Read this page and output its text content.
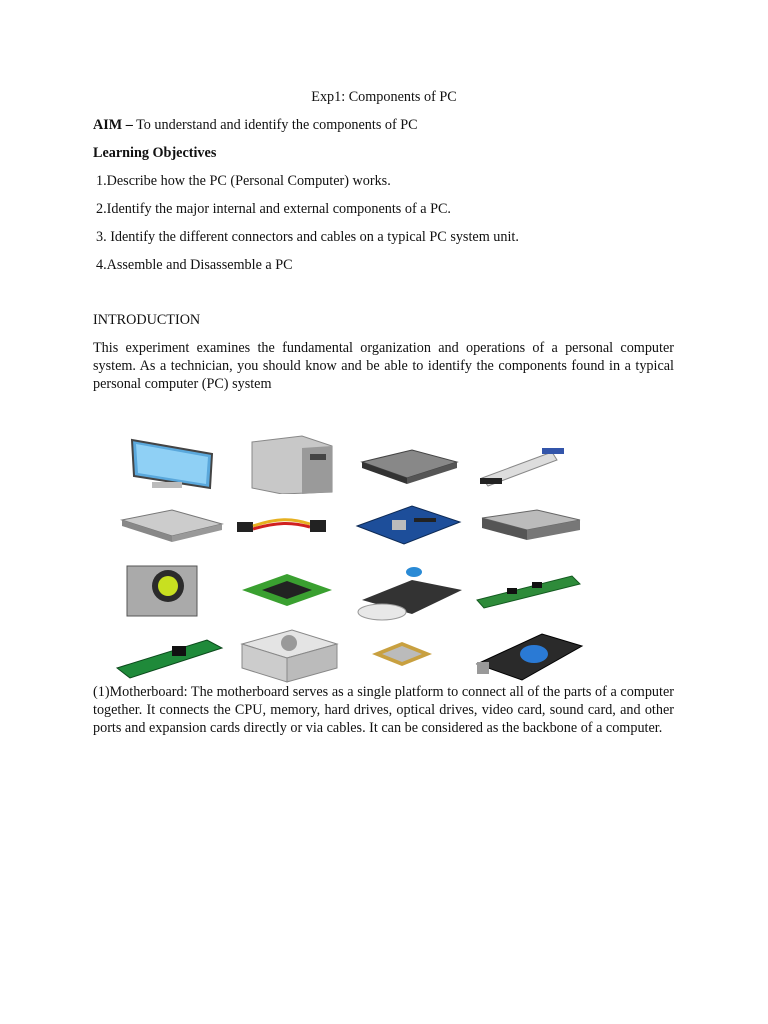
Exp1: Components of PC
AIM – To understand and identify the components of PC
Learning Objectives
1.Describe how the PC (Personal Computer) works.
2.Identify the major internal and external components of a PC.
3. Identify the different connectors and cables on a typical PC system unit.
4.Assemble and Disassemble a PC
INTRODUCTION
This experiment examines the fundamental organization and operations of a personal computer system. As a technician, you should know and be able to identify the components found in a typical personal computer (PC) system
(1)Motherboard: The motherboard serves as a single platform to connect all of the parts of a computer together. It connects the CPU, memory, hard drives, optical drives, video card, sound card, and other ports and expansion cards directly or via cables. It can be considered as the backbone of a computer.
